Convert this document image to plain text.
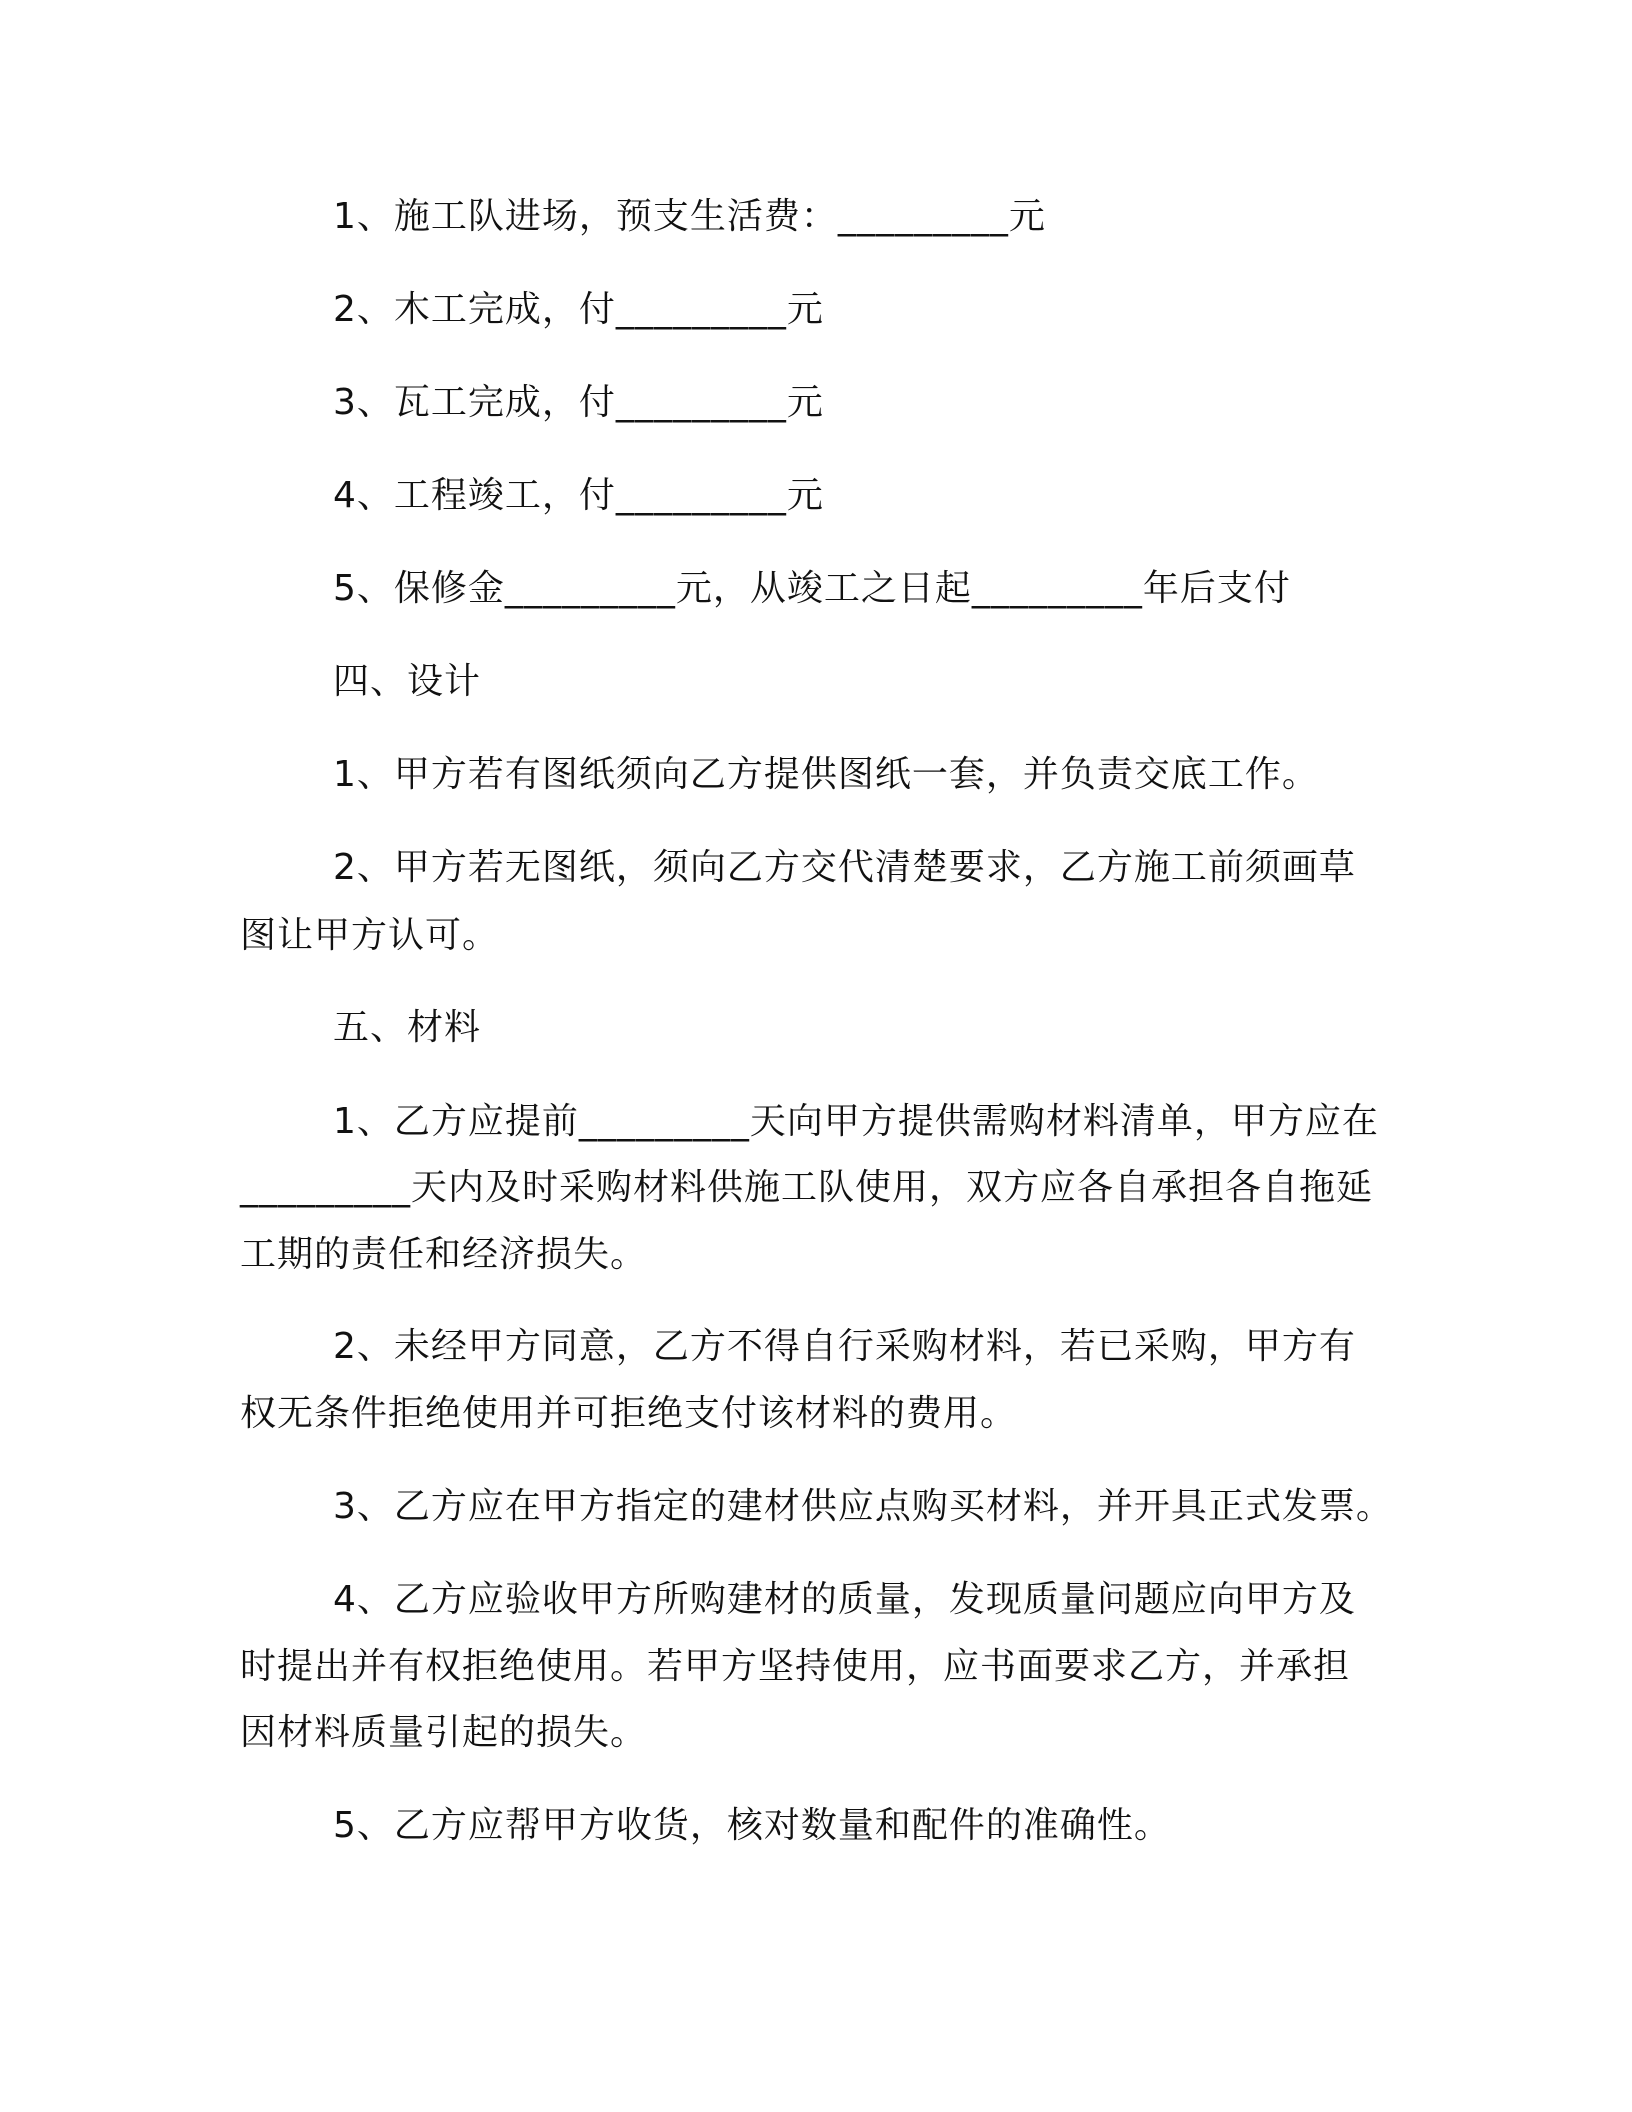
1、施工队进场，预支生活费：_________元

2、木工完成，付_________元

3、瓦工完成，付_________元

4、工程竣工，付_________元

5、保修金_________元，从竣工之日起_________年后支付

四、设计

1、甲方若有图纸须向乙方提供图纸一套，并负责交底工作。

2、甲方若无图纸，须向乙方交代清楚要求，乙方施工前须画草

图让甲方认可。

五、材料

1、乙方应提前_________天向甲方提供需购材料清单，甲方应在

_________天内及时采购材料供施工队使用，双方应各自承担各自拖延

工期的责任和经济损失。

2、未经甲方同意，乙方不得自行采购材料，若已采购，甲方有

权无条件拒绝使用并可拒绝支付该材料的费用。

3、乙方应在甲方指定的建材供应点购买材料，并开具正式发票。

4、乙方应验收甲方所购建材的质量，发现质量问题应向甲方及

时提出并有权拒绝使用。若甲方坚持使用，应书面要求乙方，并承担

因材料质量引起的损失。

5、乙方应帮甲方收货，核对数量和配件的准确性。
